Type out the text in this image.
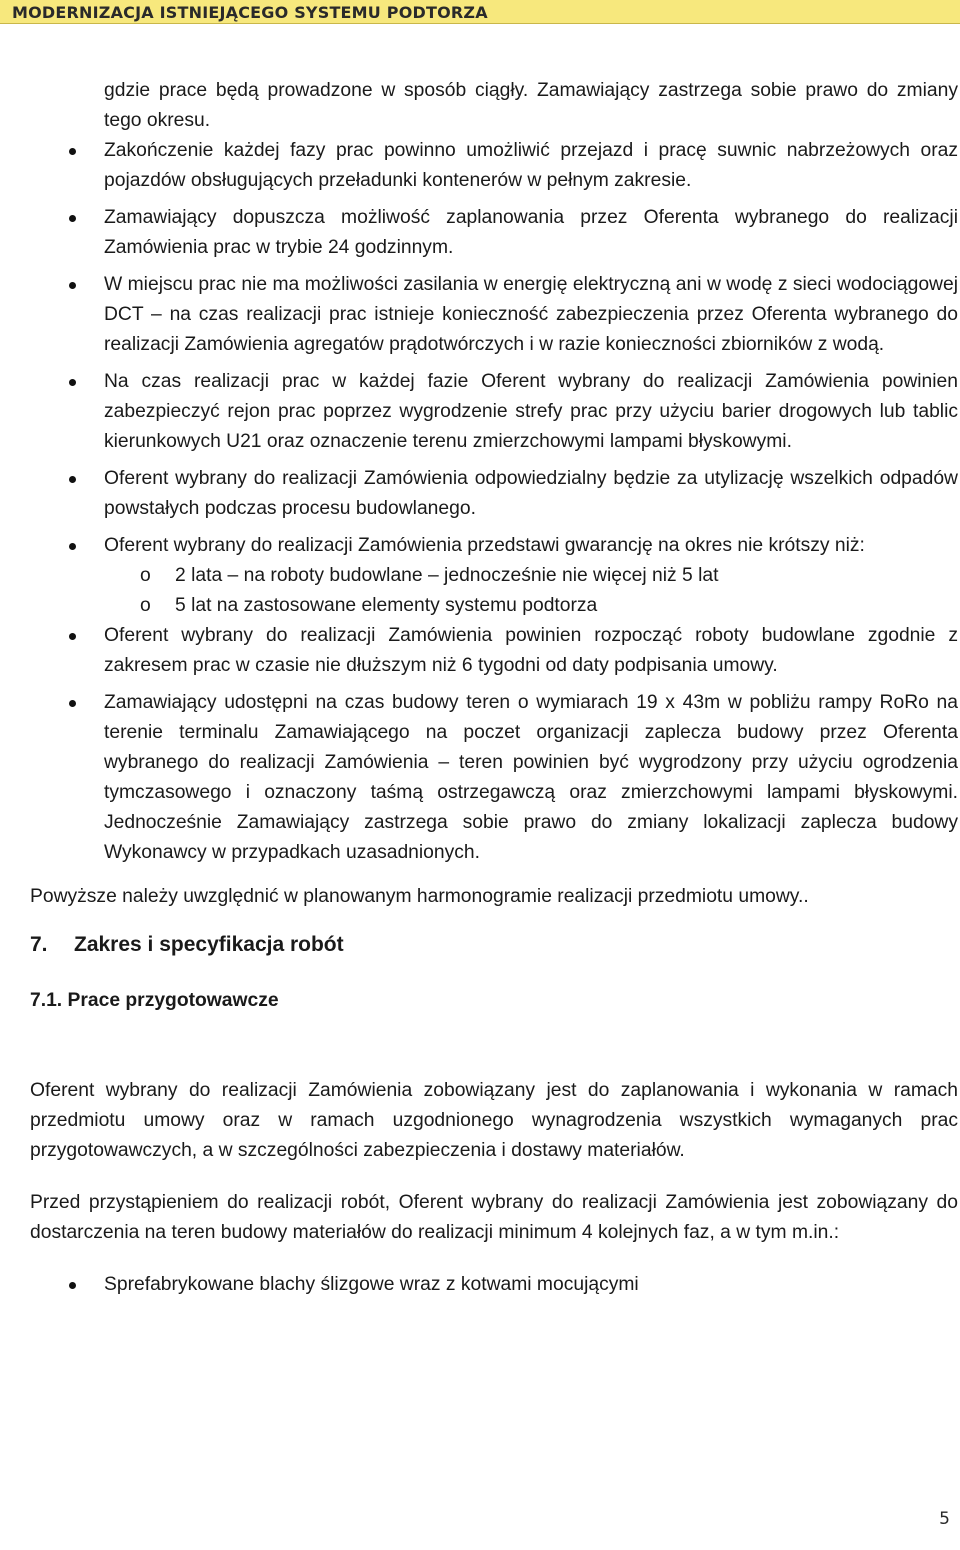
MODERNIZACJA ISTNIEJĄCEGO SYSTEMU PODTORZA
gdzie prace będą prowadzone w sposób ciągły. Zamawiający zastrzega sobie prawo do zmiany tego okresu.
Zakończenie każdej fazy prac powinno umożliwić przejazd i pracę suwnic nabrzeżowych oraz pojazdów obsługujących przeładunki kontenerów w pełnym zakresie.
Zamawiający dopuszcza możliwość zaplanowania przez Oferenta wybranego do realizacji Zamówienia prac w trybie 24 godzinnym.
W miejscu prac nie ma możliwości zasilania w energię elektryczną ani w wodę z sieci wodociągowej DCT – na czas realizacji prac istnieje konieczność zabezpieczenia przez Oferenta wybranego do realizacji Zamówienia agregatów prądotwórczych i w razie konieczności zbiorników z wodą.
Na czas realizacji prac w każdej fazie Oferent wybrany do realizacji Zamówienia powinien zabezpieczyć rejon prac poprzez wygrodzenie strefy prac przy użyciu barier drogowych lub tablic kierunkowych U21 oraz oznaczenie terenu zmierzchowymi lampami błyskowymi.
Oferent wybrany do realizacji Zamówienia odpowiedzialny będzie za utylizację wszelkich odpadów powstałych podczas procesu budowlanego.
Oferent wybrany do realizacji Zamówienia przedstawi gwarancję na okres nie krótszy niż:
o 2 lata – na roboty budowlane – jednocześnie nie więcej niż 5 lat
o 5 lat na zastosowane elementy systemu podtorza
Oferent wybrany do realizacji Zamówienia powinien rozpocząć roboty budowlane zgodnie z zakresem prac w czasie nie dłuższym niż 6 tygodni od daty podpisania umowy.
Zamawiający udostępni na czas budowy teren o wymiarach 19 x 43m w pobliżu rampy RoRo na terenie terminalu Zamawiającego na poczet organizacji zaplecza budowy przez Oferenta wybranego do realizacji Zamówienia – teren powinien być wygrodzony przy użyciu ogrodzenia tymczasowego i oznaczony taśmą ostrzegawczą oraz zmierzchowymi lampami błyskowymi. Jednocześnie Zamawiający zastrzega sobie prawo do zmiany lokalizacji zaplecza budowy Wykonawcy w przypadkach uzasadnionych.
Powyższe należy uwzględnić w planowanym harmonogramie realizacji przedmiotu umowy..
7. Zakres i specyfikacja robót
7.1. Prace przygotowawcze
Oferent wybrany do realizacji Zamówienia zobowiązany jest do zaplanowania i wykonania w ramach przedmiotu umowy oraz w ramach uzgodnionego wynagrodzenia wszystkich wymaganych prac przygotowawczych, a w szczególności zabezpieczenia i dostawy materiałów.
Przed przystąpieniem do realizacji robót, Oferent wybrany do realizacji Zamówienia jest zobowiązany do dostarczenia na teren budowy materiałów do realizacji minimum 4 kolejnych faz, a w tym m.in.:
Sprefabrykowane blachy ślizgowe wraz z kotwami mocującymi
5
